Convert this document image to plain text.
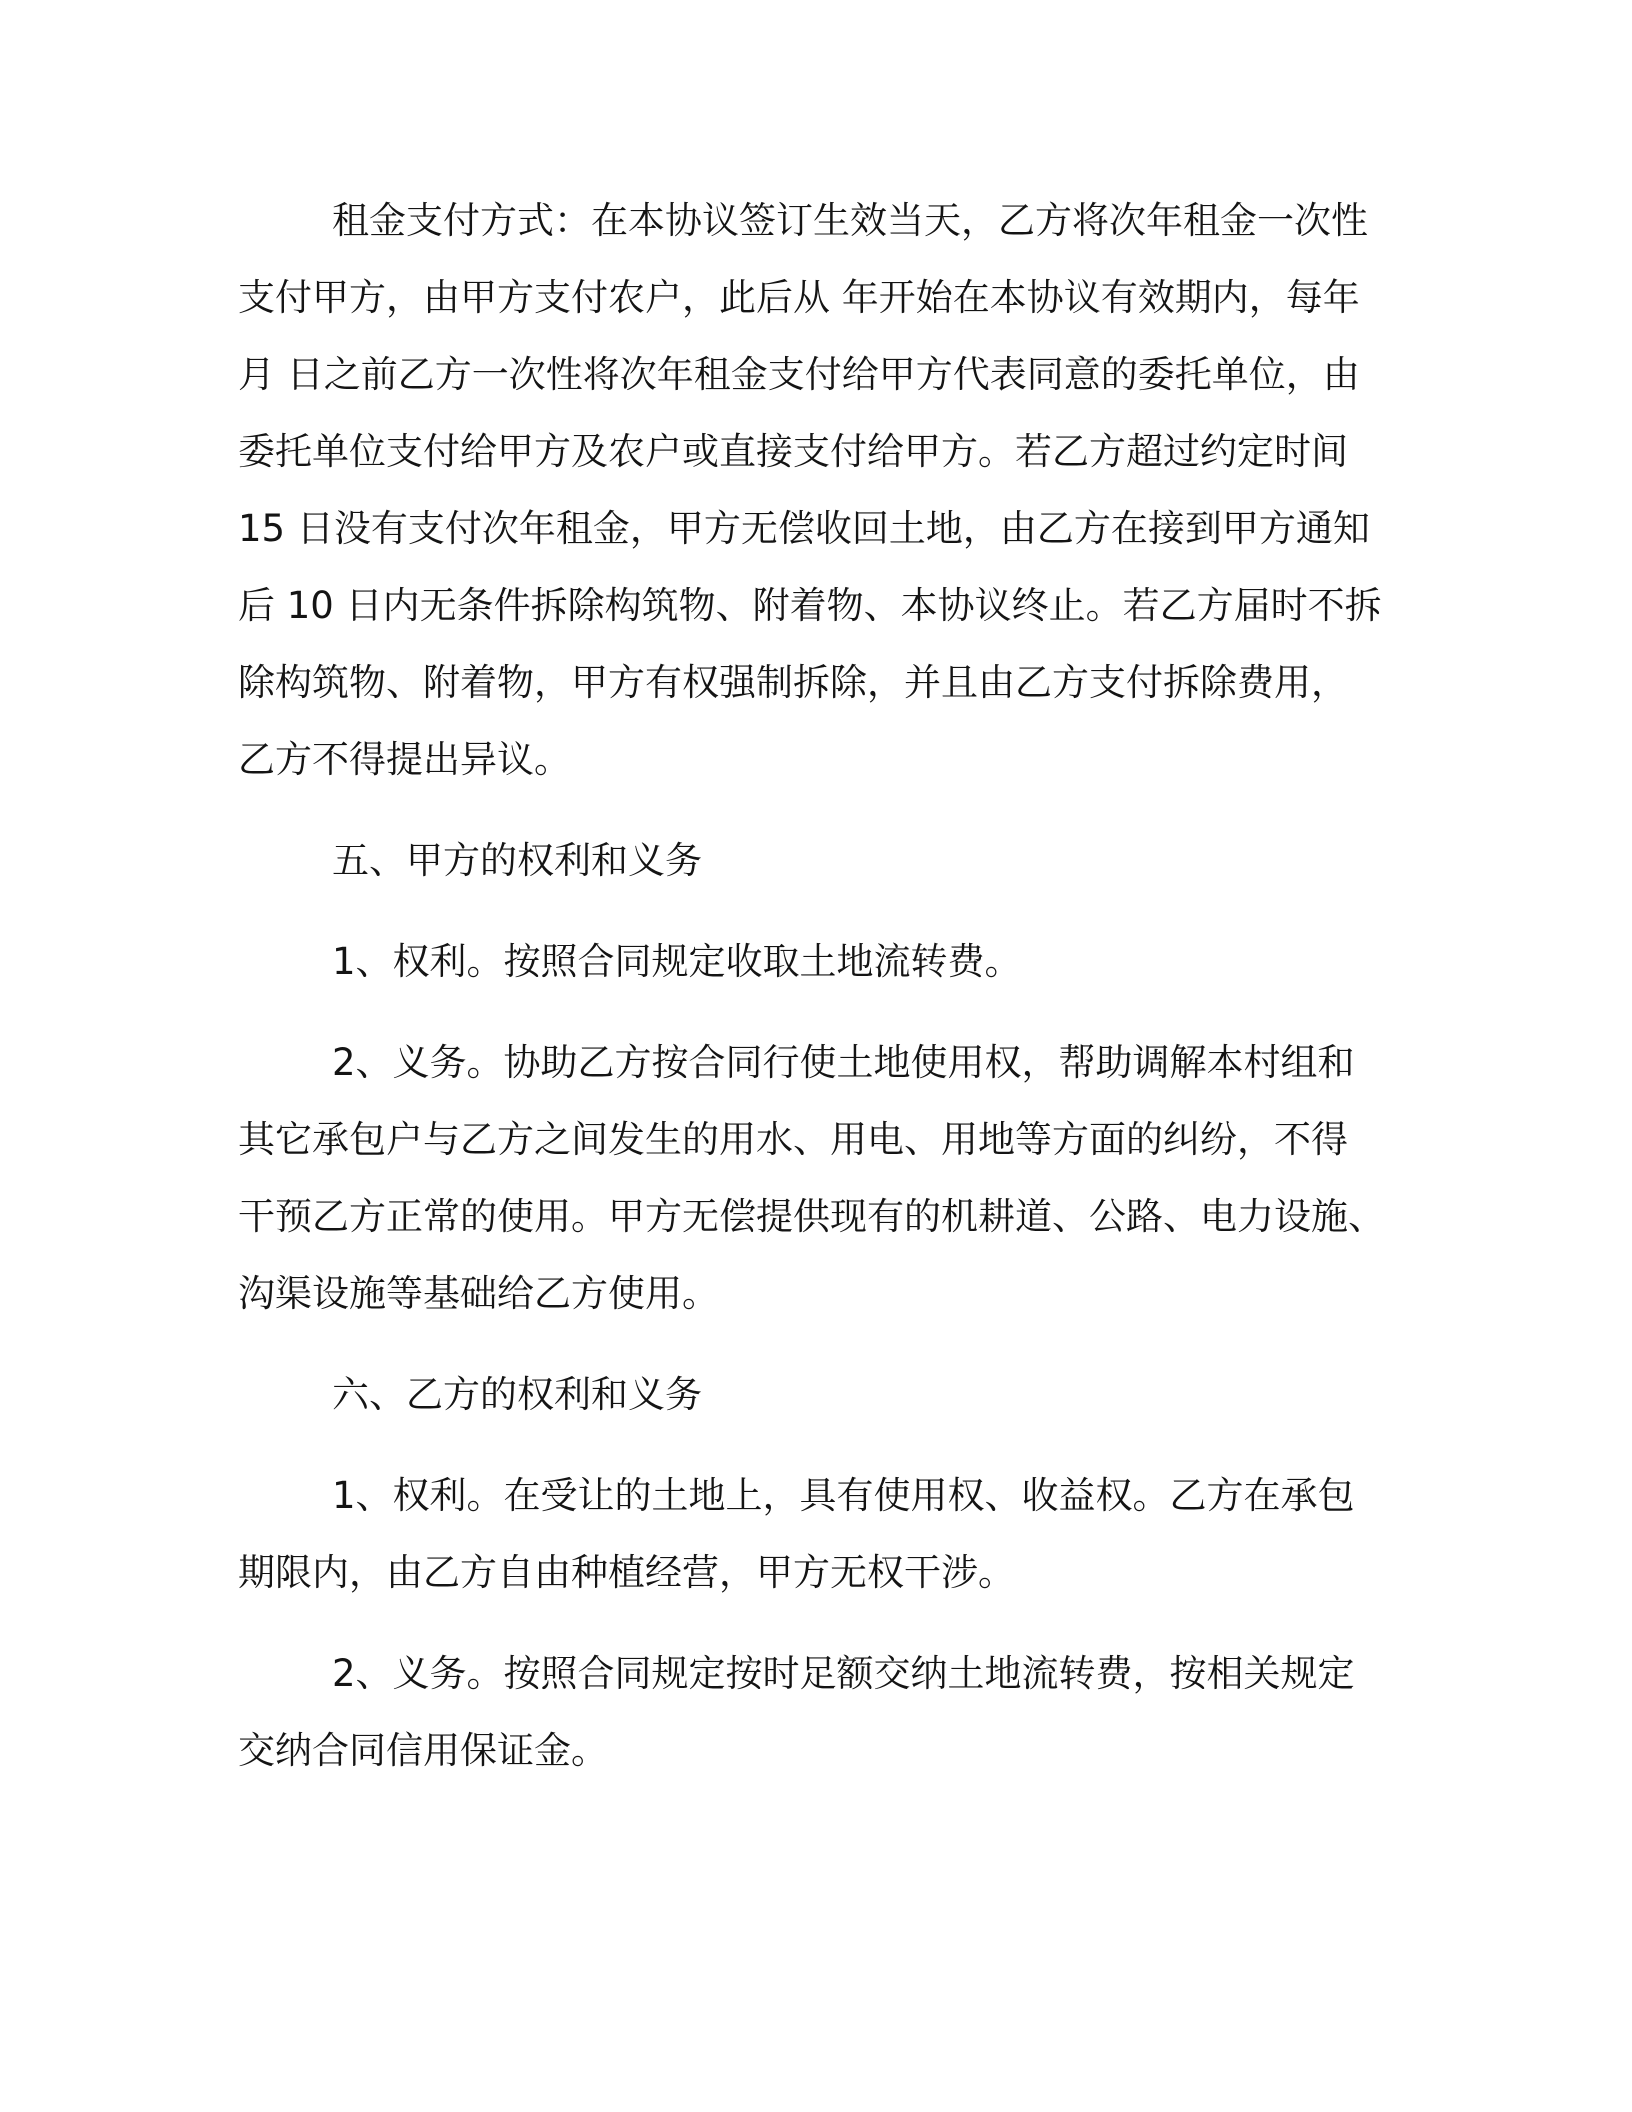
租金支付方式：在本协议签订生效当天，乙方将次年租金一次性
支付甲方，由甲方支付农户，此后从 年开始在本协议有效期内，每年
月 日之前乙方一次性将次年租金支付给甲方代表同意的委托单位，由
委托单位支付给甲方及农户或直接支付给甲方。若乙方超过约定时间
15 日没有支付次年租金，甲方无偿收回土地，由乙方在接到甲方通知
后 10 日内无条件拆除构筑物、附着物、本协议终止。若乙方届时不拆
除构筑物、附着物，甲方有权强制拆除，并且由乙方支付拆除费用，
乙方不得提出异议。
五、甲方的权利和义务
1、权利。按照合同规定收取土地流转费。
2、义务。协助乙方按合同行使土地使用权，帮助调解本村组和
其它承包户与乙方之间发生的用水、用电、用地等方面的纠纷，不得
干预乙方正常的使用。甲方无偿提供现有的机耕道、公路、电力设施、
沟渠设施等基础给乙方使用。
六、乙方的权利和义务
1、权利。在受让的土地上，具有使用权、收益权。乙方在承包
期限内，由乙方自由种植经营，甲方无权干涉。
2、义务。按照合同规定按时足额交纳土地流转费，按相关规定
交纳合同信用保证金。
